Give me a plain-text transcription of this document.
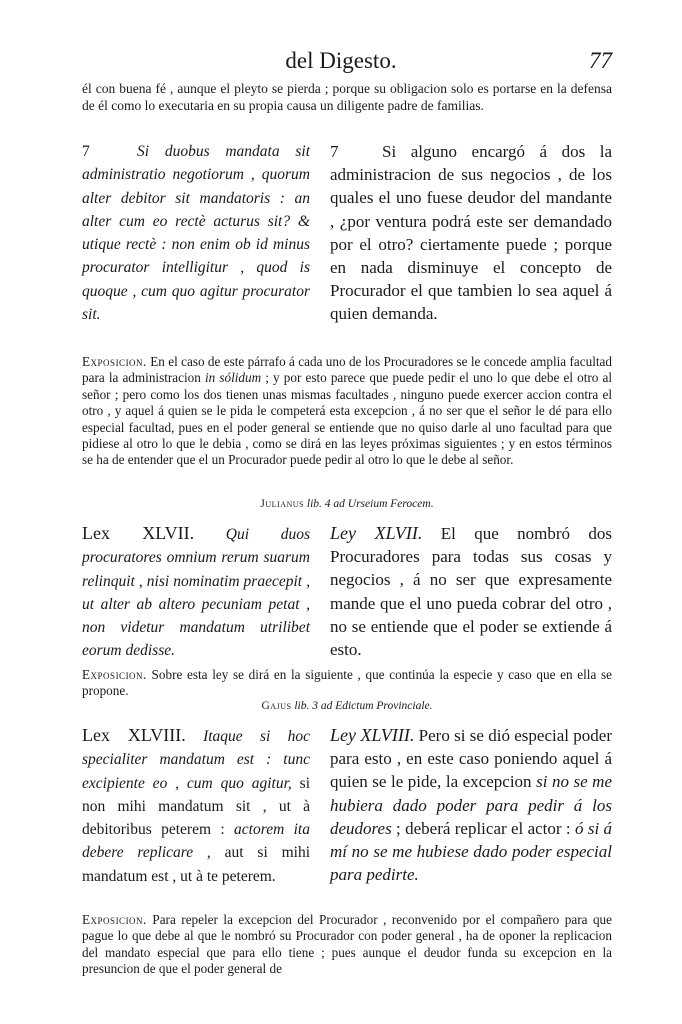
del Digesto.	77
él con buena fé , aunque el pleyto se pierda ; porque su obligacion solo es portarse en la defensa de él como lo executaria en su propia causa un diligente padre de familias.
7	Si duobus mandata sit administratio negotiorum , quorum alter debitor sit mandatoris : an alter cum eo rectè acturus sit? & utique rectè : non enim ob id minus procurator intelligitur , quod is quoque , cum quo agitur procurator sit.
7	Si alguno encargó á dos la administracion de sus negocios , de los quales el uno fuese deudor del mandante , ¿por ventura podrá este ser demandado por el otro? ciertamente puede ; porque en nada disminuye el concepto de Procurador el que tambien lo sea aquel á quien demanda.
Exposicion. En el caso de este párrafo á cada uno de los Procuradores se le concede amplia facultad para la administracion in sólidum ; y por esto parece que puede pedir el uno lo que debe el otro al señor ; pero como los dos tienen unas mismas facultades , ninguno puede exercer accion contra el otro , y aquel á quien se le pida le competerá esta excepcion , á no ser que el señor le dé para ello especial facultad, pues en el poder general se entiende que no quiso darle al uno facultad para que pidiese al otro lo que le debia , como se dirá en las leyes próximas siguientes ; y en estos términos se ha de entender que el un Procurador puede pedir al otro lo que le debe al señor.
Julianus lib. 4 ad Urseium Ferocem.
Lex XLVII. Qui duos procuratores omnium rerum suarum relinquit , nisi nominatim praecepit , ut alter ab altero pecuniam petat , non videtur mandatum utrilibet eorum dedisse.
Ley XLVII. El que nombró dos Procuradores para todas sus cosas y negocios , á no ser que expresamente mande que el uno pueda cobrar del otro , no se entiende que el poder se extiende á esto.
Exposicion. Sobre esta ley se dirá en la siguiente , que continúa la especie y caso que en ella se propone.
Gajus lib. 3 ad Edictum Provinciale.
Lex XLVIII. Itaque si hoc specialiter mandatum est : tunc excipiente eo , cum quo agitur, si non mihi mandatum sit , ut à debitoribus peterem : actorem ita debere replicare , aut si mihi mandatum est , ut à te peterem.
Ley XLVIII. Pero si se dió especial poder para esto , en este caso poniendo aquel á quien se le pide, la excepcion si no se me hubiera dado poder para pedir á los deudores ; deberá replicar el actor : ó si á mí no se me hubiese dado poder especial para pedirte.
Exposicion. Para repeler la excepcion del Procurador , reconvenido por el compañero para que pague lo que debe al que le nombró su Procurador con poder general , ha de oponer la replicacion del mandato especial que para ello tiene ; pues aunque el deudor funda su excepcion en la presuncion de que el poder general de
